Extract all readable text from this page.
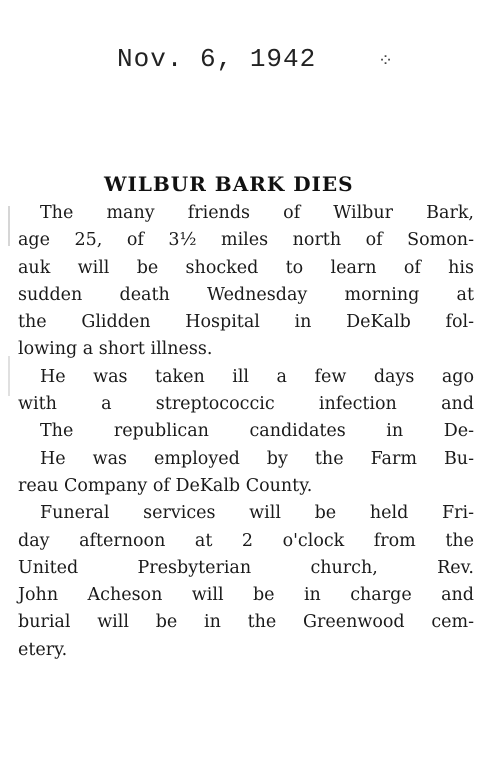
Nov. 6, 1942	⁘
WILBUR BARK DIES
The many friends of Wilbur Bark,
age 25, of 3½ miles north of Somon-
auk will be shocked to learn of his
sudden death Wednesday morning at
the Glidden Hospital in DeKalb fol-
lowing a short illness.
He was taken ill a few days ago
with a streptococcic infection and
The republican candidates in De-
He was employed by the Farm Bu-
reau Company of DeKalb County.
Funeral services will be held Fri-
day afternoon at 2 o'clock from the
United Presbyterian church, Rev.
John Acheson will be in charge and
burial will be in the Greenwood cem-
etery.
